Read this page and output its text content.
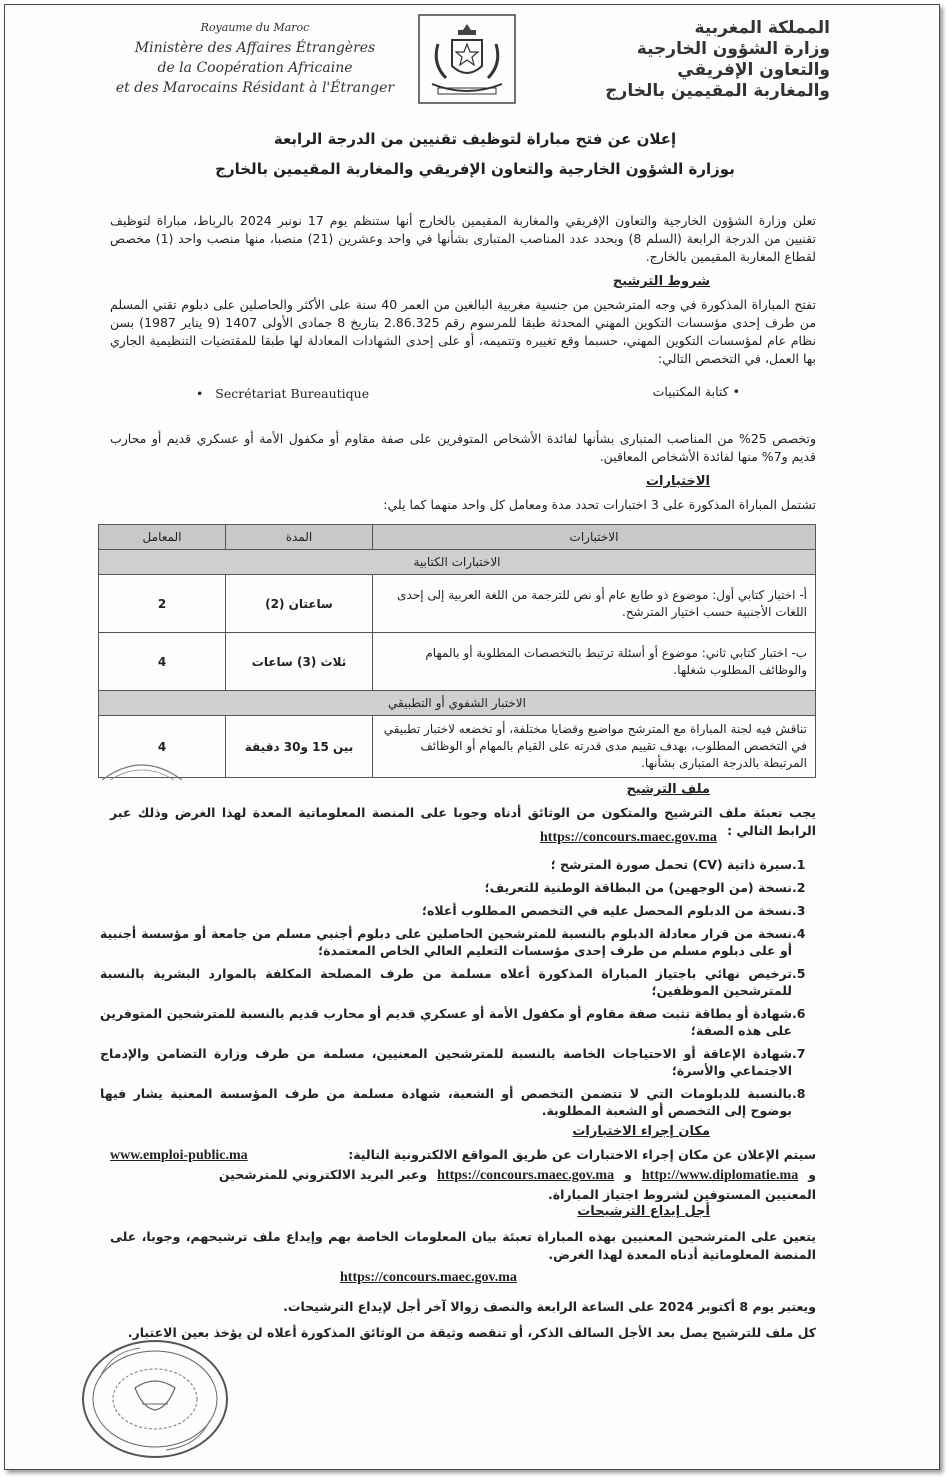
Royaume du Maroc
Ministère des Affaires Étrangères
de la Coopération Africaine
et des Marocains Résidant à l'Étranger
المملكة المغربية
وزارة الشؤون الخارجية
والتعاون الإفريقي
والمغاربة المقيمين بالخارج
إعلان عن فتح مباراة لتوظيف تقنيين من الدرجة الرابعة
بوزارة الشؤون الخارجية والتعاون الإفريقي والمغاربة المقيمين بالخارج
تعلن وزارة الشؤون الخارجية والتعاون الإفريقي والمغاربة المقيمين بالخارج أنها ستنظم يوم 17 نونبر 2024 بالرباط، مباراة لتوظيف تقنيين من الدرجة الرابعة (السلم 8) ويحدد عدد المناصب المتبارى بشأنها في واحد وعشرين (21) منصبا، منها منصب واحد (1) مخصص لقطاع المغاربة المقيمين بالخارج.
شروط الترشيح
تفتح المباراة المذكورة في وجه المترشحين من جنسية مغربية البالغين من العمر 40 سنة على الأكثر والحاصلين على دبلوم تقني المسلم من طرف إحدى مؤسسات التكوين المهني المحدثة طبقا للمرسوم رقم 2.86.325 بتاريخ 8 جمادى الأولى 1407 (9 يناير 1987) بسن نظام عام لمؤسسات التكوين المهني، حسبما وقع تغييره وتتميمه، أو على إحدى الشهادات المعادلة لها طبقا للمقتضيات التنظيمية الجاري بها العمل، في التخصص التالي:
• كتابة المكتبيات
•   Secrétariat Bureautique
وتخصص 25% من المناصب المتبارى بشأنها لفائدة الأشخاص المتوفرين على صفة مقاوم أو مكفول الأمة أو عسكري قديم أو محارب قديم و7% منها لفائدة الأشخاص المعاقين.
الاختبارات
تشتمل المباراة المذكورة على 3 اختبارات تحدد مدة ومعامل كل واحد منهما كما يلي:
الاختبارات	المدة	المعامل
الاختبارات الكتابية		
أ- اختبار كتابي أول: موضوع ذو طابع عام أو نص للترجمة من اللغة العربية إلى إحدى اللغات الأجنبية حسب اختيار المترشح.	ساعتان (2)	2
ب- اختبار كتابي ثاني: موضوع أو أسئلة ترتبط بالتخصصات المطلوبة أو بالمهام والوظائف المطلوب شغلها.	ثلاث (3) ساعات	4
الاختبار الشفوي أو التطبيقي		
تناقش فيه لجنة المباراة مع المترشح مواضيع وقضايا مختلفة، أو تخضعه لاختبار تطبيقي في التخصص المطلوب، بهدف تقييم مدى قدرته على القيام بالمهام أو الوظائف المرتبطة بالدرجة المتبارى بشأنها.	بين 15 و30 دقيقة	4
ملف الترشيح
يجب تعبئة ملف الترشيح والمتكون من الوثائق أدناه وجوبا على المنصة المعلوماتية المعدة لهذا الغرض وذلك عبر الرابط التالي :
https://concours.maec.gov.ma
.1
سيرة ذاتية (CV) تحمل صورة المترشح ؛
.2
نسخة (من الوجهين) من البطاقة الوطنية للتعريف؛
.3
نسخة من الدبلوم المحصل عليه في التخصص المطلوب أعلاه؛
.4
نسخة من قرار معادلة الدبلوم بالنسبة للمترشحين الحاصلين على دبلوم أجنبي مسلم من جامعة أو مؤسسة أجنبية أو على دبلوم مسلم من طرف إحدى مؤسسات التعليم العالي الخاص المعتمدة؛
.5
ترخيص نهائي باجتياز المباراة المذكورة أعلاه مسلمة من طرف المصلحة المكلفة بالموارد البشرية بالنسبة للمترشحين الموظفين؛
.6
شهادة أو بطاقة تثبت صفة مقاوم أو مكفول الأمة أو عسكري قديم أو محارب قديم بالنسبة للمترشحين المتوفرين على هذه الصفة؛
.7
شهادة الإعاقة أو الاحتياجات الخاصة بالنسبة للمترشحين المعنيين، مسلمة من طرف وزارة التضامن والإدماج الاجتماعي والأسرة؛
.8
بالنسبة للدبلومات التي لا تتضمن التخصص أو الشعبة، شهادة مسلمة من طرف المؤسسة المعنية يشار فيها بوضوح إلى التخصص أو الشعبة المطلوبة.
مكان إجراء الاختبارات
www.emploi-public.ma	سيتم الإعلان عن مكان إجراء الاختبارات عن طريق المواقع الالكترونية التالية:
و
http://www.diplomatie.ma
و
https://concours.maec.gov.ma
وعبر البريد الالكتروني للمترشحين
المعنيين المستوفين لشروط اجتياز المباراة.
أجل إيداع الترشيحات
يتعين على المترشحين المعنيين بهذه المباراة تعبئة بيان المعلومات الخاصة بهم وإيداع ملف ترشيحهم، وجوبا، على المنصة المعلوماتية أدناه المعدة لهذا الغرض.
https://concours.maec.gov.ma
ويعتبر يوم 8 أكتوبر 2024 على الساعة الرابعة والنصف زوالا آخر أجل لإيداع الترشيحات.
كل ملف للترشيح يصل بعد الأجل السالف الذكر، أو تنقصه وثيقة من الوثائق المذكورة أعلاه لن يؤخذ بعين الاعتبار.
